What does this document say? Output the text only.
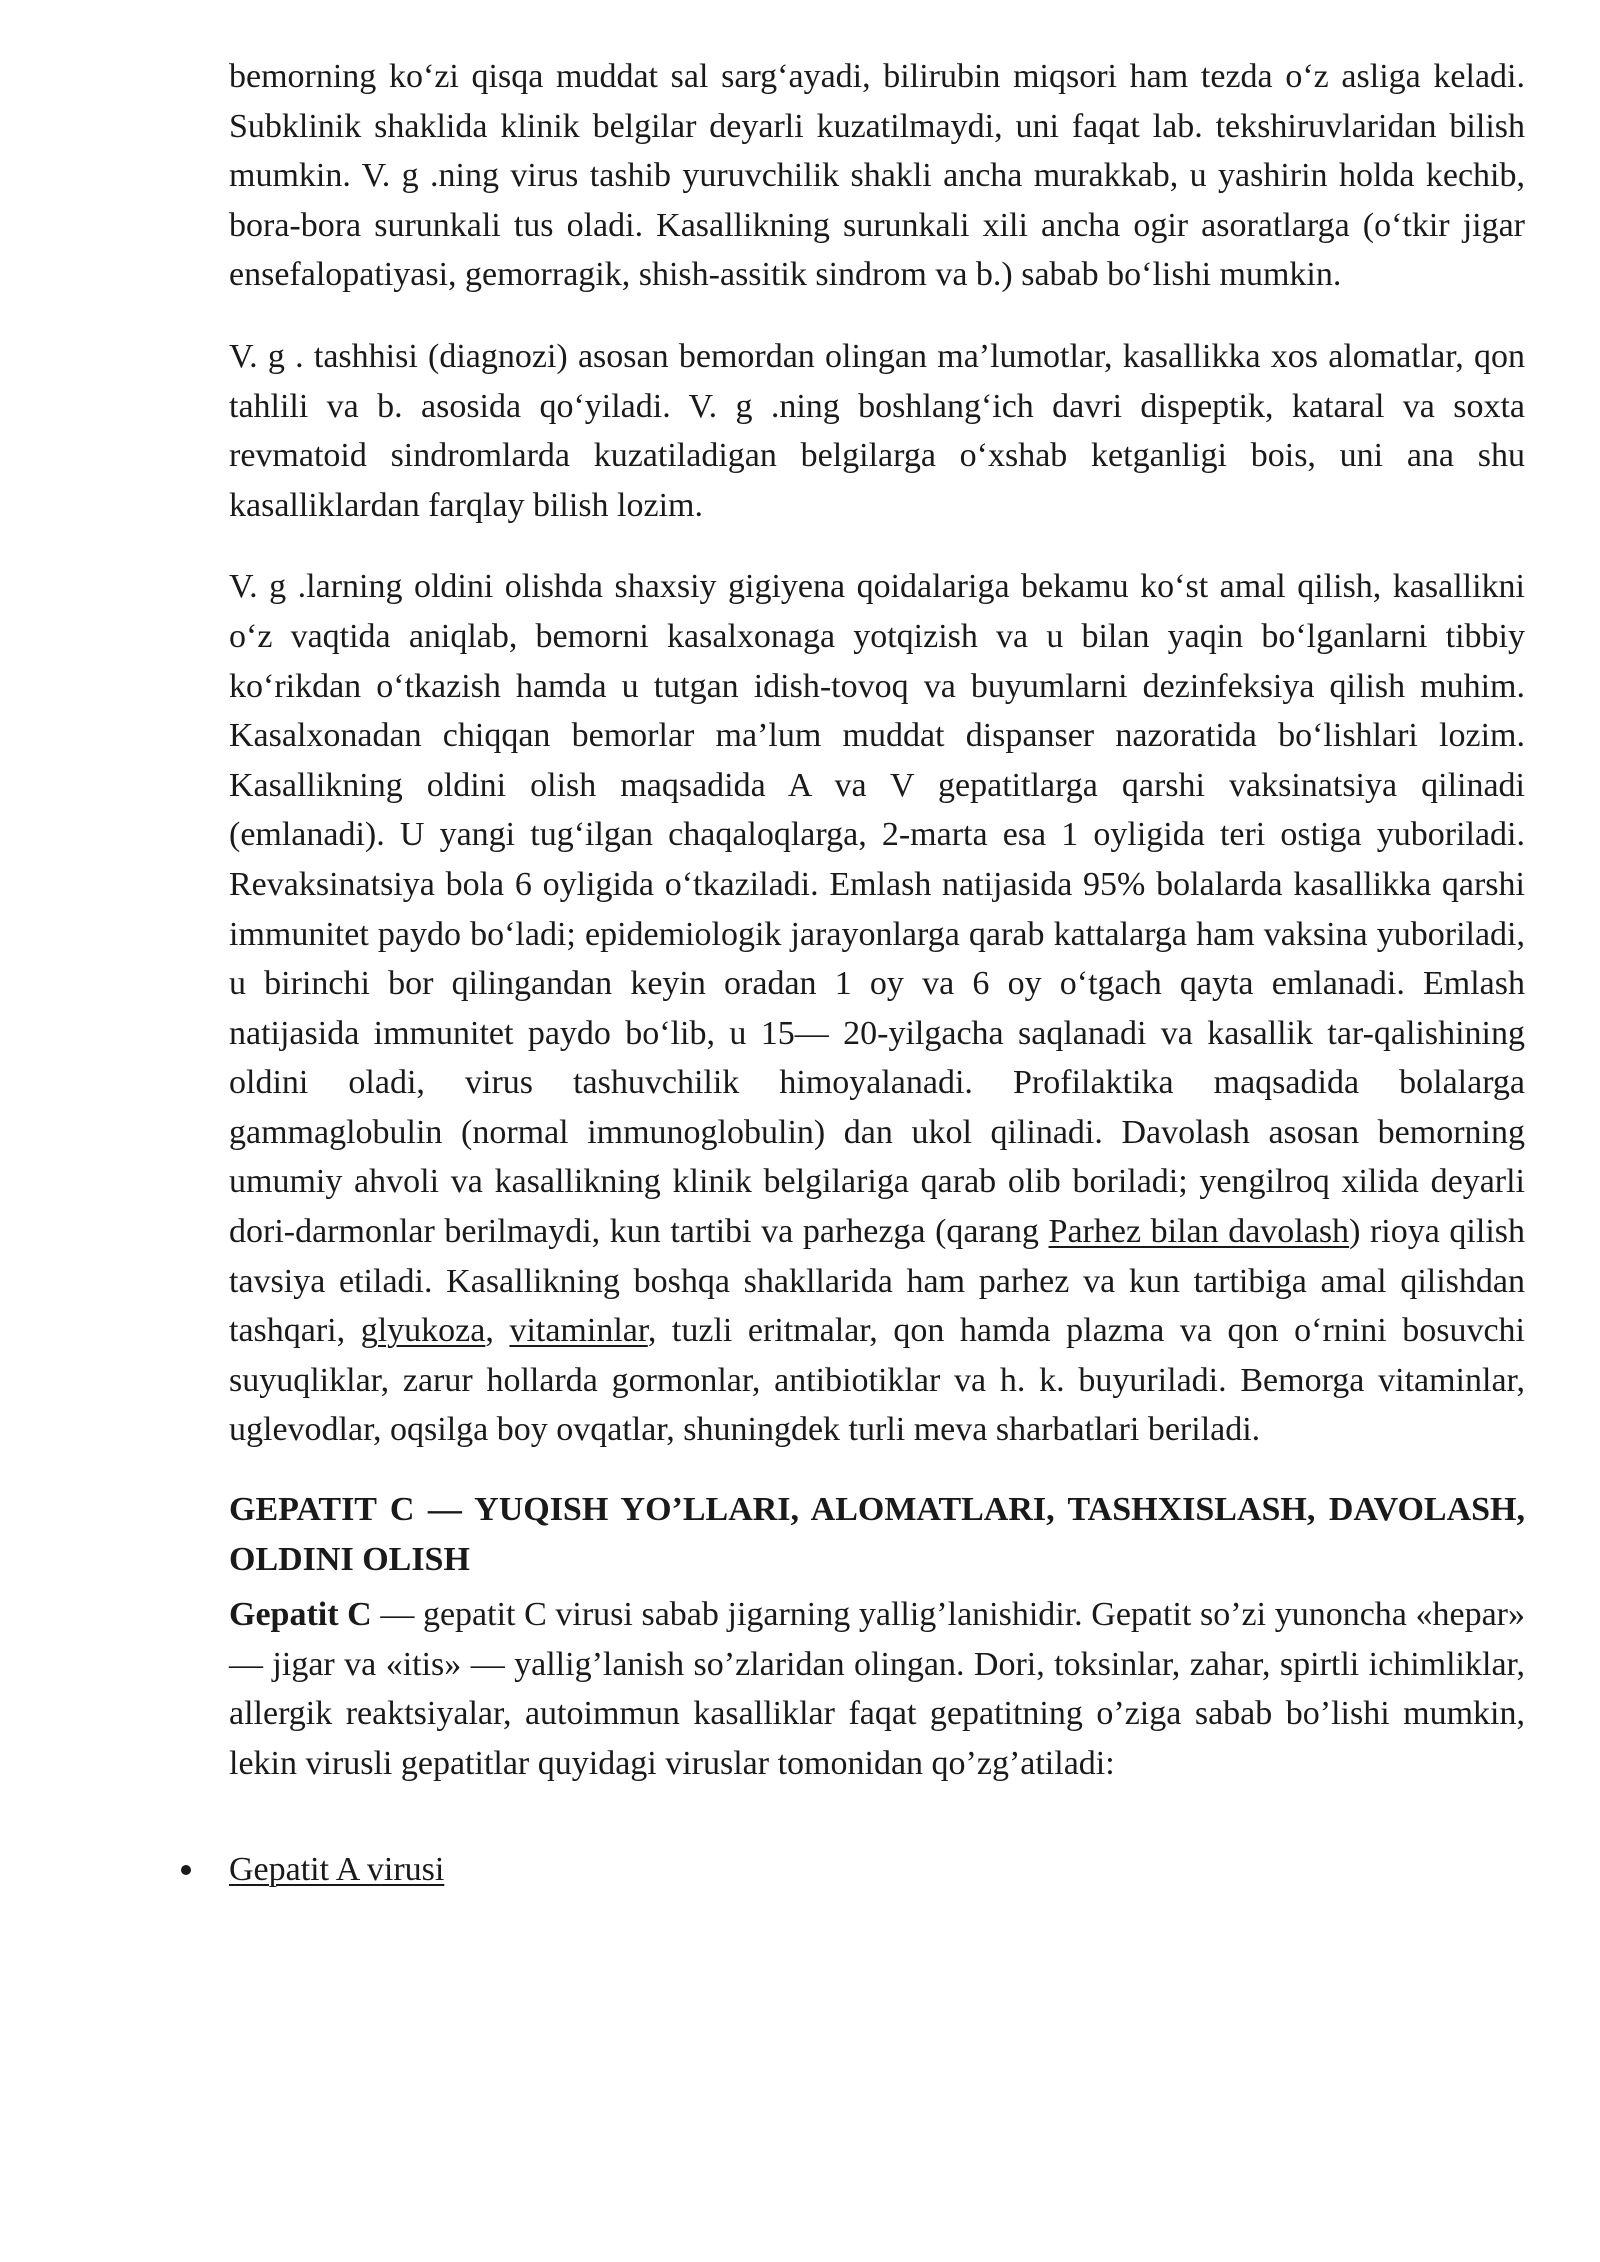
bemorning ko‘zi qisqa muddat sal sarg‘ayadi, bilirubin miqsori ham tezda o‘z asliga keladi. Subklinik shaklida klinik belgilar deyarli kuzatilmaydi, uni faqat lab. tekshiruvlaridan bilish mumkin. V. g .ning virus tashib yuruvchilik shakli ancha murakkab, u yashirin holda kechib, bora-bora surunkali tus oladi. Kasallikning surunkali xili ancha ogir asoratlarga (o‘tkir jigar ensefalopatiyasi, gemorragik, shish-assitik sindrom va b.) sabab bo‘lishi mumkin.

V. g . tashhisi (diagnozi) asosan bemordan olingan ma’lumotlar, kasallikka xos alomatlar, qon tahlili va b. asosida qo‘yiladi. V. g .ning boshlang‘ich davri dispeptik, kataral va soxta revmatoid sindromlarda kuzatiladigan belgilarga o‘xshab ketganligi bois, uni ana shu kasalliklardan farqlay bilish lozim.

V. g .larning oldini olishda shaxsiy gigiyena qoidalariga bekamu ko‘st amal qilish, kasallikni o‘z vaqtida aniqlab, bemorni kasalxonaga yotqizish va u bilan yaqin bo‘lganlarni tibbiy ko‘rikdan o‘tkazish hamda u tutgan idish-tovoq va buyumlarni dezinfeksiya qilish muhim. Kasalxonadan chiqqan bemorlar ma’lum muddat dispanser nazoratida bo‘lishlari lozim. Kasallikning oldini olish maqsadida A va V gepatitlarga qarshi vaksinatsiya qilinadi (emlanadi). U yangi tug‘ilgan chaqaloqlarga, 2-marta esa 1 oyligida teri ostiga yuboriladi. Revaksinatsiya bola 6 oyligida o‘tkaziladi. Emlash natijasida 95% bolalarda kasallikka qarshi immunitet paydo bo‘ladi; epidemiologik jarayonlarga qarab kattalarga ham vaksina yuboriladi, u birinchi bor qilingandan keyin oradan 1 oy va 6 oy o‘tgach qayta emlanadi. Emlash natijasida immunitet paydo bo‘lib, u 15— 20-yilgacha saqlanadi va kasallik tar-qalishining oldini oladi, virus tashuvchilik himoyalanadi. Profilaktika maqsadida bolalarga gammaglobulin (normal immunoglobulin) dan ukol qilinadi. Davolash asosan bemorning umumiy ahvoli va kasallikning klinik belgilariga qarab olib boriladi; yengilroq xilida deyarli dori-darmonlar berilmaydi, kun tartibi va parhezga (qarang Parhez bilan davolash) rioya qilish tavsiya etiladi. Kasallikning boshqa shakllarida ham parhez va kun tartibiga amal qilishdan tashqari, glyukoza, vitaminlar, tuzli eritmalar, qon hamda plazma va qon o‘rnini bosuvchi suyuqliklar, zarur hollarda gormonlar, antibiotiklar va h. k. buyuriladi. Bemorga vitaminlar, uglevodlar, oqsilga boy ovqatlar, shuningdek turli meva sharbatlari beriladi.

GEPATIT C — YUQISH YO’LLARI, ALOMATLARI, TASHXISLASH, DAVOLASH, OLDINI OLISH

Gepatit C — gepatit C virusi sabab jigarning yallig’lanishidir. Gepatit so’zi yunoncha «hepar» — jigar va «itis» — yallig’lanish so’zlaridan olingan. Dori, toksinlar, zahar, spirtli ichimliklar, allergik reaktsiyalar, autoimmun kasalliklar faqat gepatitning o’ziga sabab bo’lishi mumkin, lekin virusli gepatitlar quyidagi viruslar tomonidan qo’zg’atiladi:

Gepatit A virusi
